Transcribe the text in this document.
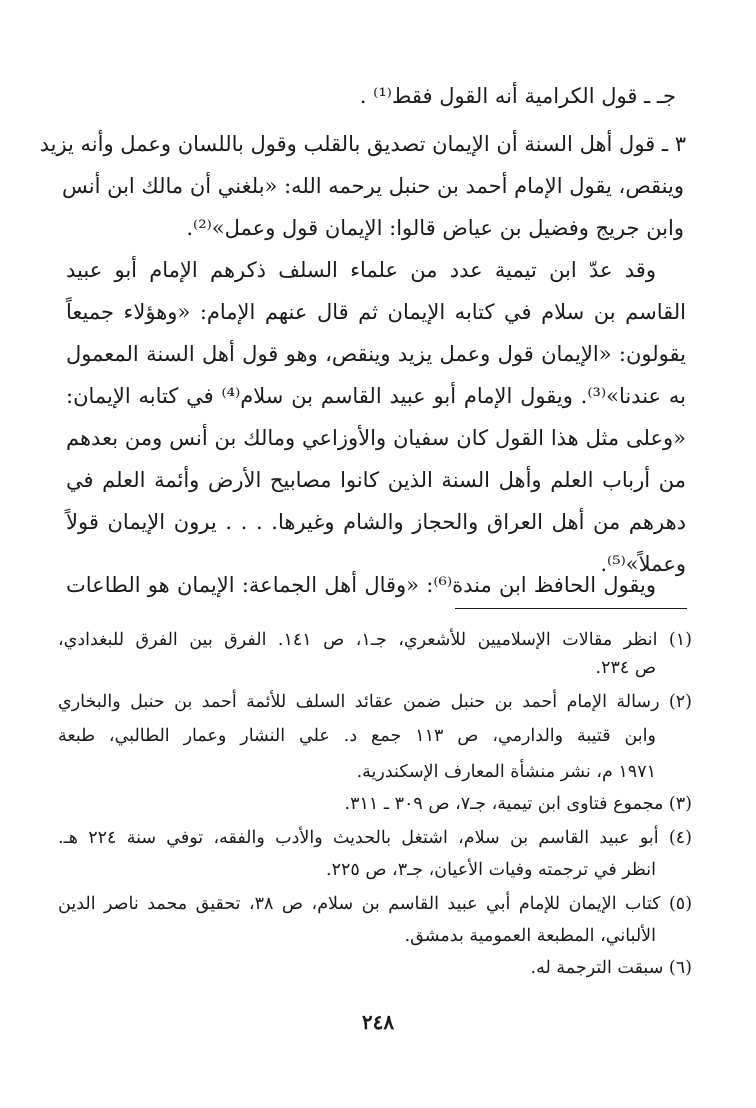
جـ ـ قول الكرامية أنه القول فقط⁽¹⁾ .
٣ ـ قول أهل السنة أن الإيمان تصديق بالقلب وقول باللسان وعمل وأنه يزيد
وينقص، يقول الإمام أحمد بن حنبل يرحمه الله: «بلغني أن مالك ابن أنس
وابن جريج وفضيل بن عياض قالوا: الإيمان قول وعمل»⁽²⁾.
وقد عدّ ابن تيمية عدد من علماء السلف ذكرهم الإمام أبو عبيد
القاسم بن سلام في كتابه الإيمان ثم قال عنهم الإمام: «وهؤلاء جميعاً
يقولون: «الإيمان قول وعمل يزيد وينقص، وهو قول أهل السنة المعمول
به عندنا»⁽³⁾. ويقول الإمام أبو عبيد القاسم بن سلام⁽⁴⁾ في كتابه الإيمان:
«وعلى مثل هذا القول كان سفيان والأوزاعي ومالك بن أنس ومن بعدهم
من أرباب العلم وأهل السنة الذين كانوا مصابيح الأرض وأئمة العلم في
دهرهم من أهل العراق والحجاز والشام وغيرها. . . . يرون الإيمان قولاً
وعملاً»⁽⁵⁾.
ويقول الحافظ ابن مندة⁽⁶⁾: «وقال أهل الجماعة: الإيمان هو الطاعات
(١) انظر مقالات الإسلاميين للأشعري، جـ١، ص ١٤١. الفرق بين الفرق للبغدادي،
ص ٢٣٤.
(٢) رسالة الإمام أحمد بن حنبل ضمن عقائد السلف للأئمة أحمد بن حنبل والبخاري
وابن قتيبة والدارمي، ص ١١٣ جمع د. علي النشار وعمار الطالبي، طبعة
١٩٧١ م، نشر منشأة المعارف الإسكندرية.
(٣) مجموع فتاوى ابن تيمية، جـ٧، ص ٣٠٩ ـ ٣١١.
(٤) أبو عبيد القاسم بن سلام، اشتغل بالحديث والأدب والفقه، توفي سنة ٢٢٤ هـ.
انظر في ترجمته وفيات الأعيان، جـ٣، ص ٢٢٥.
(٥) كتاب الإيمان للإمام أبي عبيد القاسم بن سلام، ص ٣٨، تحقيق محمد ناصر الدين
الألباني، المطبعة العمومية بدمشق.
(٦) سبقت الترجمة له.
٢٤٨
